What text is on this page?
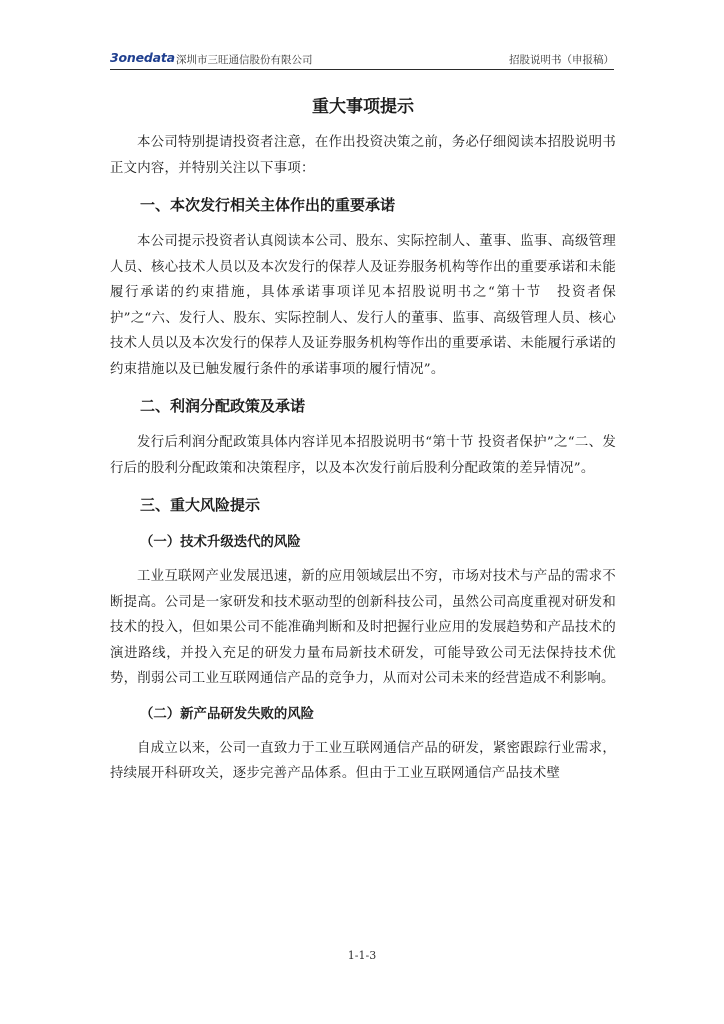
3onedata 深圳市三旺通信股份有限公司	招股说明书（申报稿）
重大事项提示

本公司特别提请投资者注意，在作出投资决策之前，务必仔细阅读本招股说明书正文内容，并特别关注以下事项：

一、本次发行相关主体作出的重要承诺

本公司提示投资者认真阅读本公司、股东、实际控制人、董事、监事、高级管理人员、核心技术人员以及本次发行的保荐人及证券服务机构等作出的重要承诺和未能履行承诺的约束措施，具体承诺事项详见本招股说明书之“第十节　投资者保护”之“六、发行人、股东、实际控制人、发行人的董事、监事、高级管理人员、核心技术人员以及本次发行的保荐人及证券服务机构等作出的重要承诺、未能履行承诺的约束措施以及已触发履行条件的承诺事项的履行情况”。

二、利润分配政策及承诺

发行后利润分配政策具体内容详见本招股说明书“第十节 投资者保护”之“二、发行后的股利分配政策和决策程序，以及本次发行前后股利分配政策的差异情况”。

三、重大风险提示
（一）技术升级迭代的风险

工业互联网产业发展迅速，新的应用领域层出不穷，市场对技术与产品的需求不断提高。公司是一家研发和技术驱动型的创新科技公司，虽然公司高度重视对研发和技术的投入，但如果公司不能准确判断和及时把握行业应用的发展趋势和产品技术的演进路线，并投入充足的研发力量布局新技术研发，可能导致公司无法保持技术优势，削弱公司工业互联网通信产品的竞争力，从而对公司未来的经营造成不利影响。

（二）新产品研发失败的风险

自成立以来，公司一直致力于工业互联网通信产品的研发，紧密跟踪行业需求，持续展开科研攻关，逐步完善产品体系。但由于工业互联网通信产品技术壁

1-1-3
